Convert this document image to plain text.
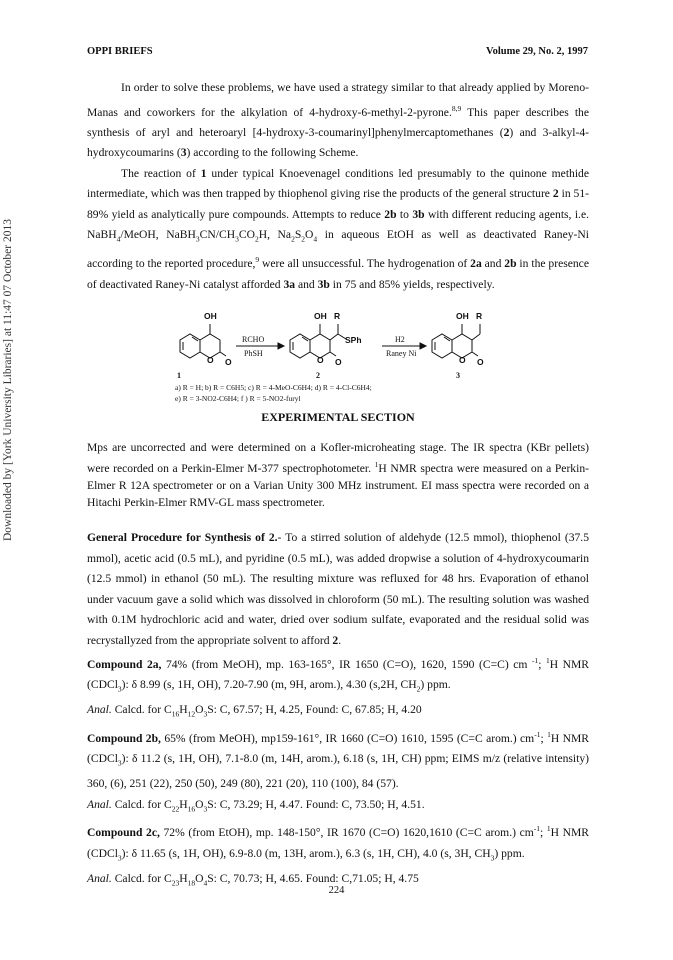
Downloaded by [York University Libraries] at 11:47 07 October 2013
OPPI BRIEFS	Volume 29, No. 2, 1997

In order to solve these problems, we have used a strategy similar to that already applied by Moreno-Manas and coworkers for the alkylation of 4-hydroxy-6-methyl-2-pyrone.$^{8,9}$ This paper describes the synthesis of aryl and heteroaryl [4-hydroxy-3-coumarinyl]phenylmercaptomethanes (2) and 3-alkyl-4-hydroxycoumarins (3) according to the following Scheme.

The reaction of 1 under typical Knoevenagel conditions led presumably to the quinone methide intermediate, which was then trapped by thiophenol giving rise the products of the general structure 2 in 51-89% yield as analytically pure compounds. Attempts to reduce 2b to 3b with different reducing agents, i.e. NaBH$_4$/MeOH, $NaBH_3CN/CH_3CO_2H$, $Na_2S_2O_4$ in aqueous EtOH as well as deactivated Raney-Ni according to the reported procedure,$^9$ were all unsuccessful. The hydrogenation of 2a and 2b in the presence of deactivated Raney-Ni catalyst afforded 3a and 3b in 75 and 85% yields, respectively.

OH	OH R	OH R
SPh
O O	O O	O O
RCHO
PhSH
H2
Raney Ni
1	2	3
a) R = H; b) R = C6H5; c) R = 4-MeO-C6H4; d) R = 4-Cl-C6H4;
e) R = 3-NO2-C6H4; f ) R = 5-NO2-furyl

EXPERIMENTAL SECTION

Mps are uncorrected and were determined on a Kofler-microheating stage. The IR spectra (KBr pellets) were recorded on a Perkin-Elmer M-377 spectrophotometer. $^1$H NMR spectra were measured on a Perkin-Elmer R 12A spectrometer or on a Varian Unity 300 MHz instrument. EI mass spectra were recorded on a Hitachi Perkin-Elmer RMV-GL mass spectrometer.

General Procedure for Synthesis of 2.- To a stirred solution of aldehyde (12.5 mmol), thiophenol (37.5 mmol), acetic acid (0.5 mL), and pyridine (0.5 mL), was added dropwise a solution of 4-hydroxycoumarin (12.5 mmol) in ethanol (50 mL). The resulting mixture was refluxed for 48 hrs. Evaporation of ethanol under vacuum gave a solid which was dissolved in chloroform (50 mL). The resulting solution was washed with 0.1M hydrochloric acid and water, dried over sodium sulfate, evaporated and the residual solid was recrystallyzed from the appropriate solvent to afford 2.

Compound 2a, 74% (from MeOH), mp. 163-165°, IR 1650 (C=O), 1620, 1590 (C=C) cm $^{-1}$; $^1$H NMR (CDCl$_3$): δ 8.99 (s, 1H, OH), 7.20-7.90 (m, 9H, arom.), 4.30 (s,2H, $CH_2$) ppm.

Anal. Calcd. for $C_{16}H_{12}O_3S$: C, 67.57; H, 4.25, Found: C, 67.85; H, 4.20

Compound 2b, 65% (from MeOH), mp159-161°, IR 1660 (C=O) 1610, 1595 (C=C arom.) $cm^{-1}$; $^1$H NMR (CDCl$_3$): δ 11.2 (s, 1H, OH), 7.1-8.0 (m, 14H, arom.), 6.18 (s, 1H, CH) ppm; EIMS m/z (relative intensity) 360, (6), 251 (22), 250 (50), 249 (80), 221 (20), 110 (100), 84 (57).

Anal. Calcd. for $C_{22}H_{16}O_3S$: C, 73.29; H, 4.47. Found: C, 73.50; H, 4.51.

Compound 2c, 72% (from EtOH), mp. 148-150°, IR 1670 (C=O) 1620,1610 (C=C arom.) $cm^{-1}$; $^1$H NMR (CDCl$_3$): δ 11.65 (s, 1H, OH), 6.9-8.0 (m, 13H, arom.), 6.3 (s, 1H, CH), 4.0 (s, 3H, $CH_3$) ppm.

Anal. Calcd. for $C_{23}H_{18}O_4S$: C, 70.73; H, 4.65. Found: C,71.05; H, 4.75

224
